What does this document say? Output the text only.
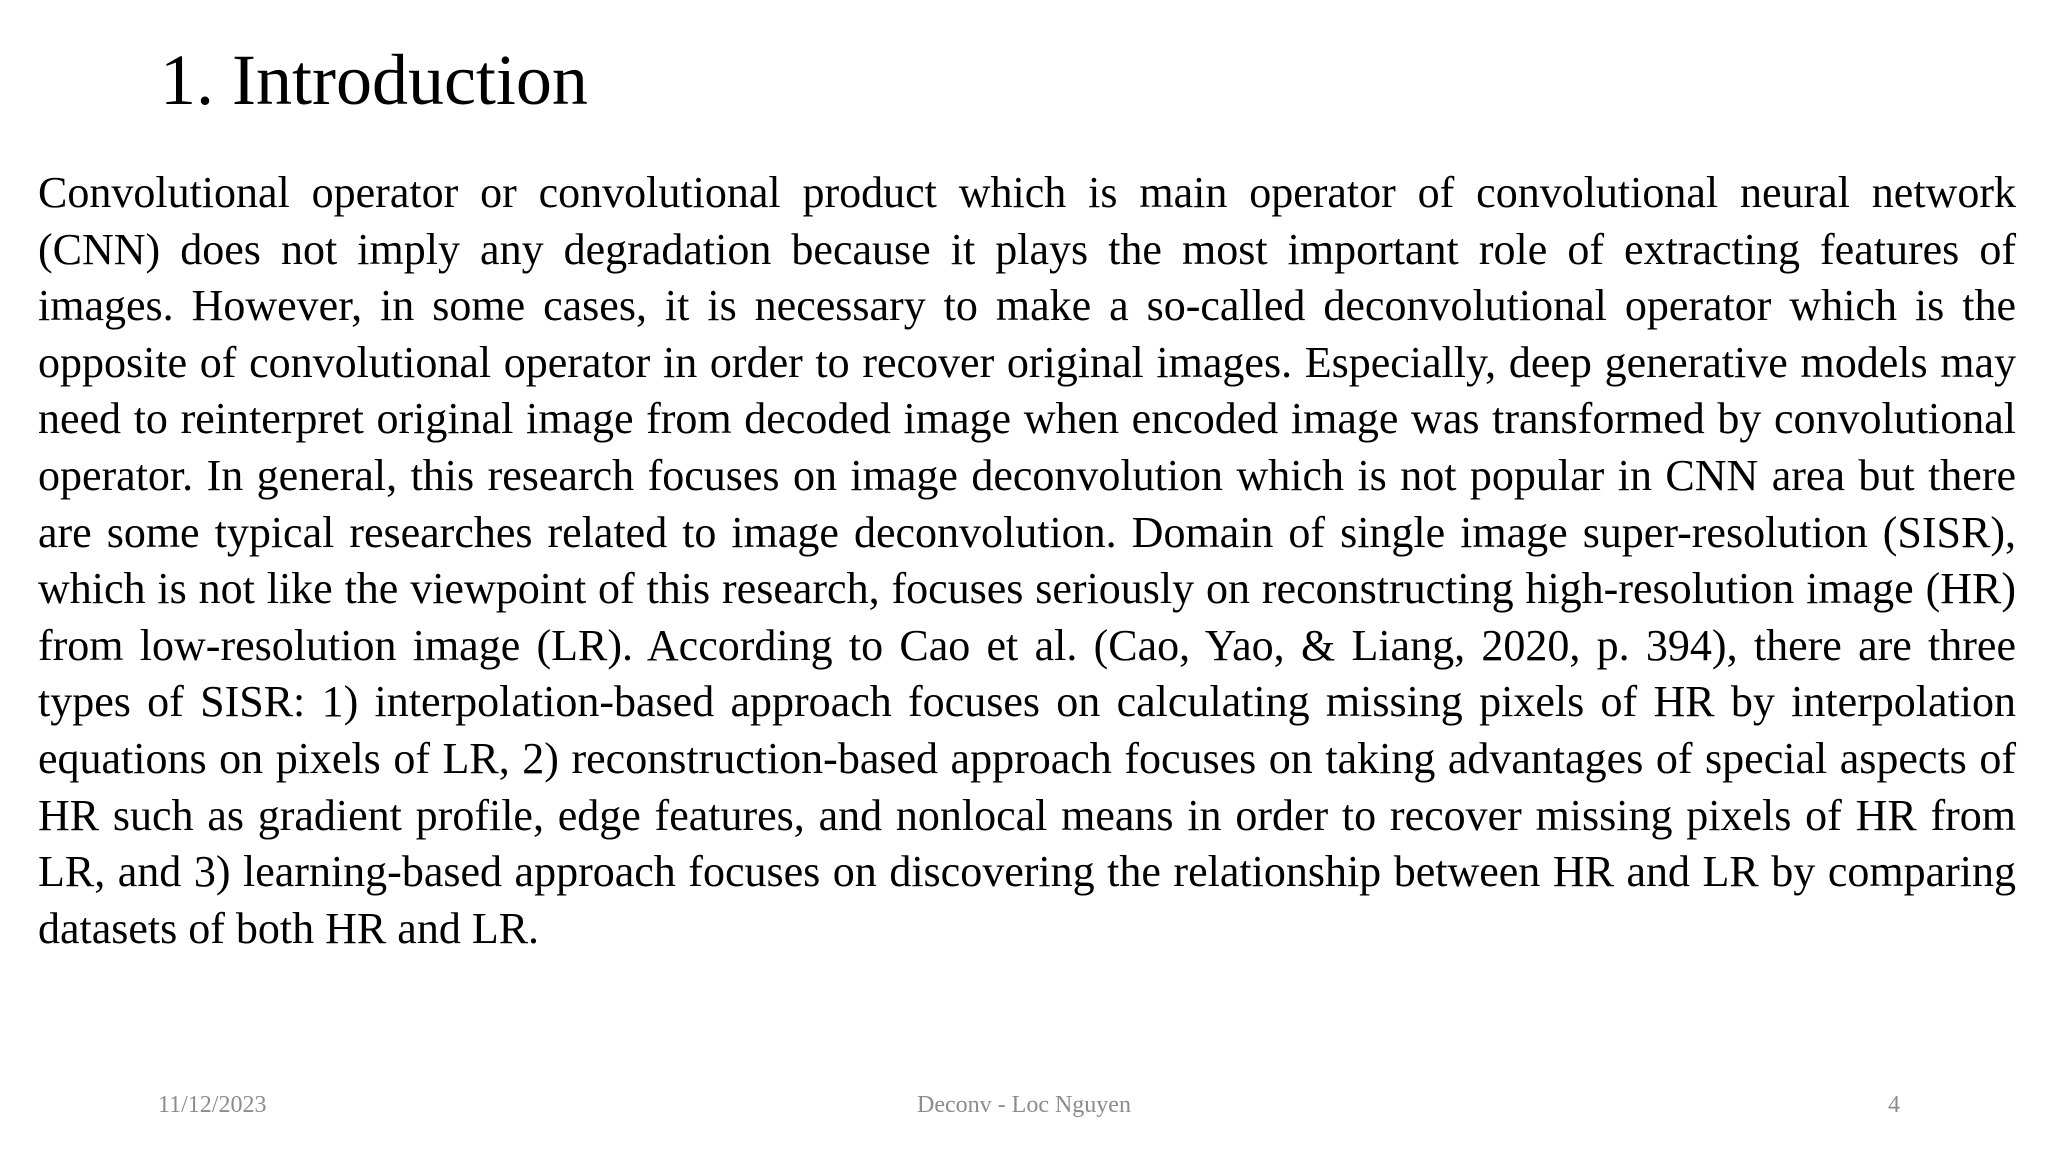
1. Introduction

Convolutional operator or convolutional product which is main operator of convolutional neural network (CNN) does not imply any degradation because it plays the most important role of extracting features of images. However, in some cases, it is necessary to make a so-called deconvolutional operator which is the opposite of convolutional operator in order to recover original images. Especially, deep generative models may need to reinterpret original image from decoded image when encoded image was transformed by convolutional operator. In general, this research focuses on image deconvolution which is not popular in CNN area but there are some typical researches related to image deconvolution. Domain of single image super-resolution (SISR), which is not like the viewpoint of this research, focuses seriously on reconstructing high-resolution image (HR) from low-resolution image (LR). According to Cao et al. (Cao, Yao, & Liang, 2020, p. 394), there are three types of SISR: 1) interpolation-based approach focuses on calculating missing pixels of HR by interpolation equations on pixels of LR, 2) reconstruction-based approach focuses on taking advantages of special aspects of HR such as gradient profile, edge features, and nonlocal means in order to recover missing pixels of HR from LR, and 3) learning-based approach focuses on discovering the relationship between HR and LR by comparing datasets of both HR and LR.

11/12/2023	Deconv - Loc Nguyen	4
